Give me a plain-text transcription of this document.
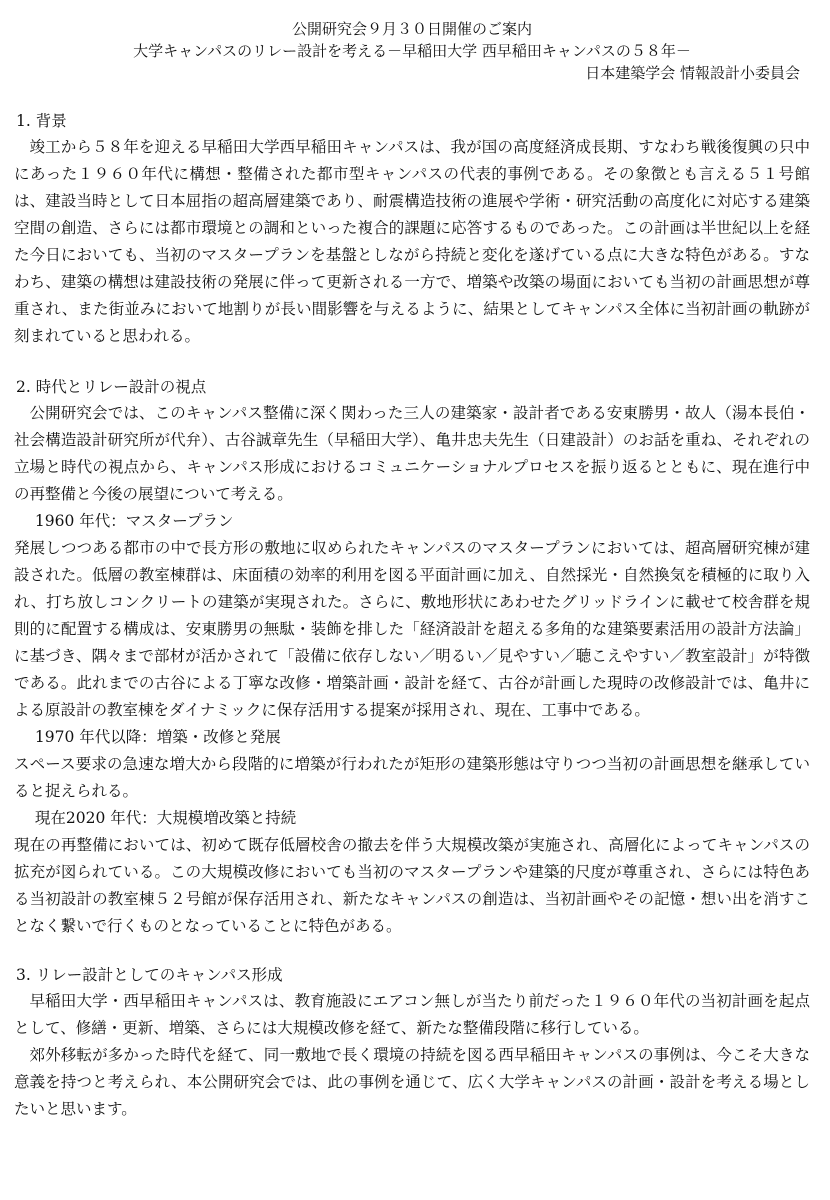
公開研究会９月３０日開催のご案内
大学キャンパスのリレー設計を考える－早稲田大学 西早稲田キャンパスの５８年－
日本建築学会 情報設計小委員会
1. 背景

竣工から５８年を迎える早稲田大学西早稲田キャンパスは、我が国の高度経済成長期、すなわち戦後復興の只中にあった１９６０年代に構想・整備された都市型キャンパスの代表的事例である。その象徴とも言える５１号館は、建設当時として日本屈指の超高層建築であり、耐震構造技術の進展や学術・研究活動の高度化に対応する建築空間の創造、さらには都市環境との調和といった複合的課題に応答するものであった。この計画は半世紀以上を経た今日においても、当初のマスタープランを基盤としながら持続と変化を遂げている点に大きな特色がある。すなわち、建築の構想は建設技術の発展に伴って更新される一方で、増築や改築の場面においても当初の計画思想が尊重され、また街並みにおいて地割りが長い間影響を与えるように、結果としてキャンパス全体に当初計画の軌跡が刻まれていると思われる。

2. 時代とリレー設計の視点

公開研究会では、このキャンパス整備に深く関わった三人の建築家・設計者である安東勝男・故人（湯本長伯・社会構造設計研究所が代弁）、古谷誠章先生（早稲田大学）、亀井忠夫先生（日建設計）のお話を重ね、それぞれの立場と時代の視点から、キャンパス形成におけるコミュニケーショナルプロセスを振り返るとともに、現在進行中の再整備と今後の展望について考える。

1960 年代：マスタープラン

発展しつつある都市の中で長方形の敷地に収められたキャンパスのマスタープランにおいては、超高層研究棟が建設された。低層の教室棟群は、床面積の効率的利用を図る平面計画に加え、自然採光・自然換気を積極的に取り入れ、打ち放しコンクリートの建築が実現された。さらに、敷地形状にあわせたグリッドラインに載せて校舎群を規則的に配置する構成は、安東勝男の無駄・装飾を排した「経済設計を超える多角的な建築要素活用の設計方法論」に基づき、隅々まで部材が活かされて「設備に依存しない／明るい／見やすい／聴こえやすい／教室設計」が特徴である。此れまでの古谷による丁寧な改修・増築計画・設計を経て、古谷が計画した現時の改修設計では、亀井による原設計の教室棟をダイナミックに保存活用する提案が採用され、現在、工事中である。

1970 年代以降：増築・改修と発展

スペース要求の急速な増大から段階的に増築が行われたが矩形の建築形態は守りつつ当初の計画思想を継承していると捉えられる。

現在2020 年代：大規模増改築と持続

現在の再整備においては、初めて既存低層校舎の撤去を伴う大規模改築が実施され、高層化によってキャンパスの拡充が図られている。この大規模改修においても当初のマスタープランや建築的尺度が尊重され、さらには特色ある当初設計の教室棟５２号館が保存活用され、新たなキャンパスの創造は、当初計画やその記憶・想い出を消すことなく繋いで行くものとなっていることに特色がある。

3. リレー設計としてのキャンパス形成

早稲田大学・西早稲田キャンパスは、教育施設にエアコン無しが当たり前だった１９６０年代の当初計画を起点として、修繕・更新、増築、さらには大規模改修を経て、新たな整備段階に移行している。

郊外移転が多かった時代を経て、同一敷地で長く環境の持続を図る西早稲田キャンパスの事例は、今こそ大きな意義を持つと考えられ、本公開研究会では、此の事例を通じて、広く大学キャンパスの計画・設計を考える場としたいと思います。
